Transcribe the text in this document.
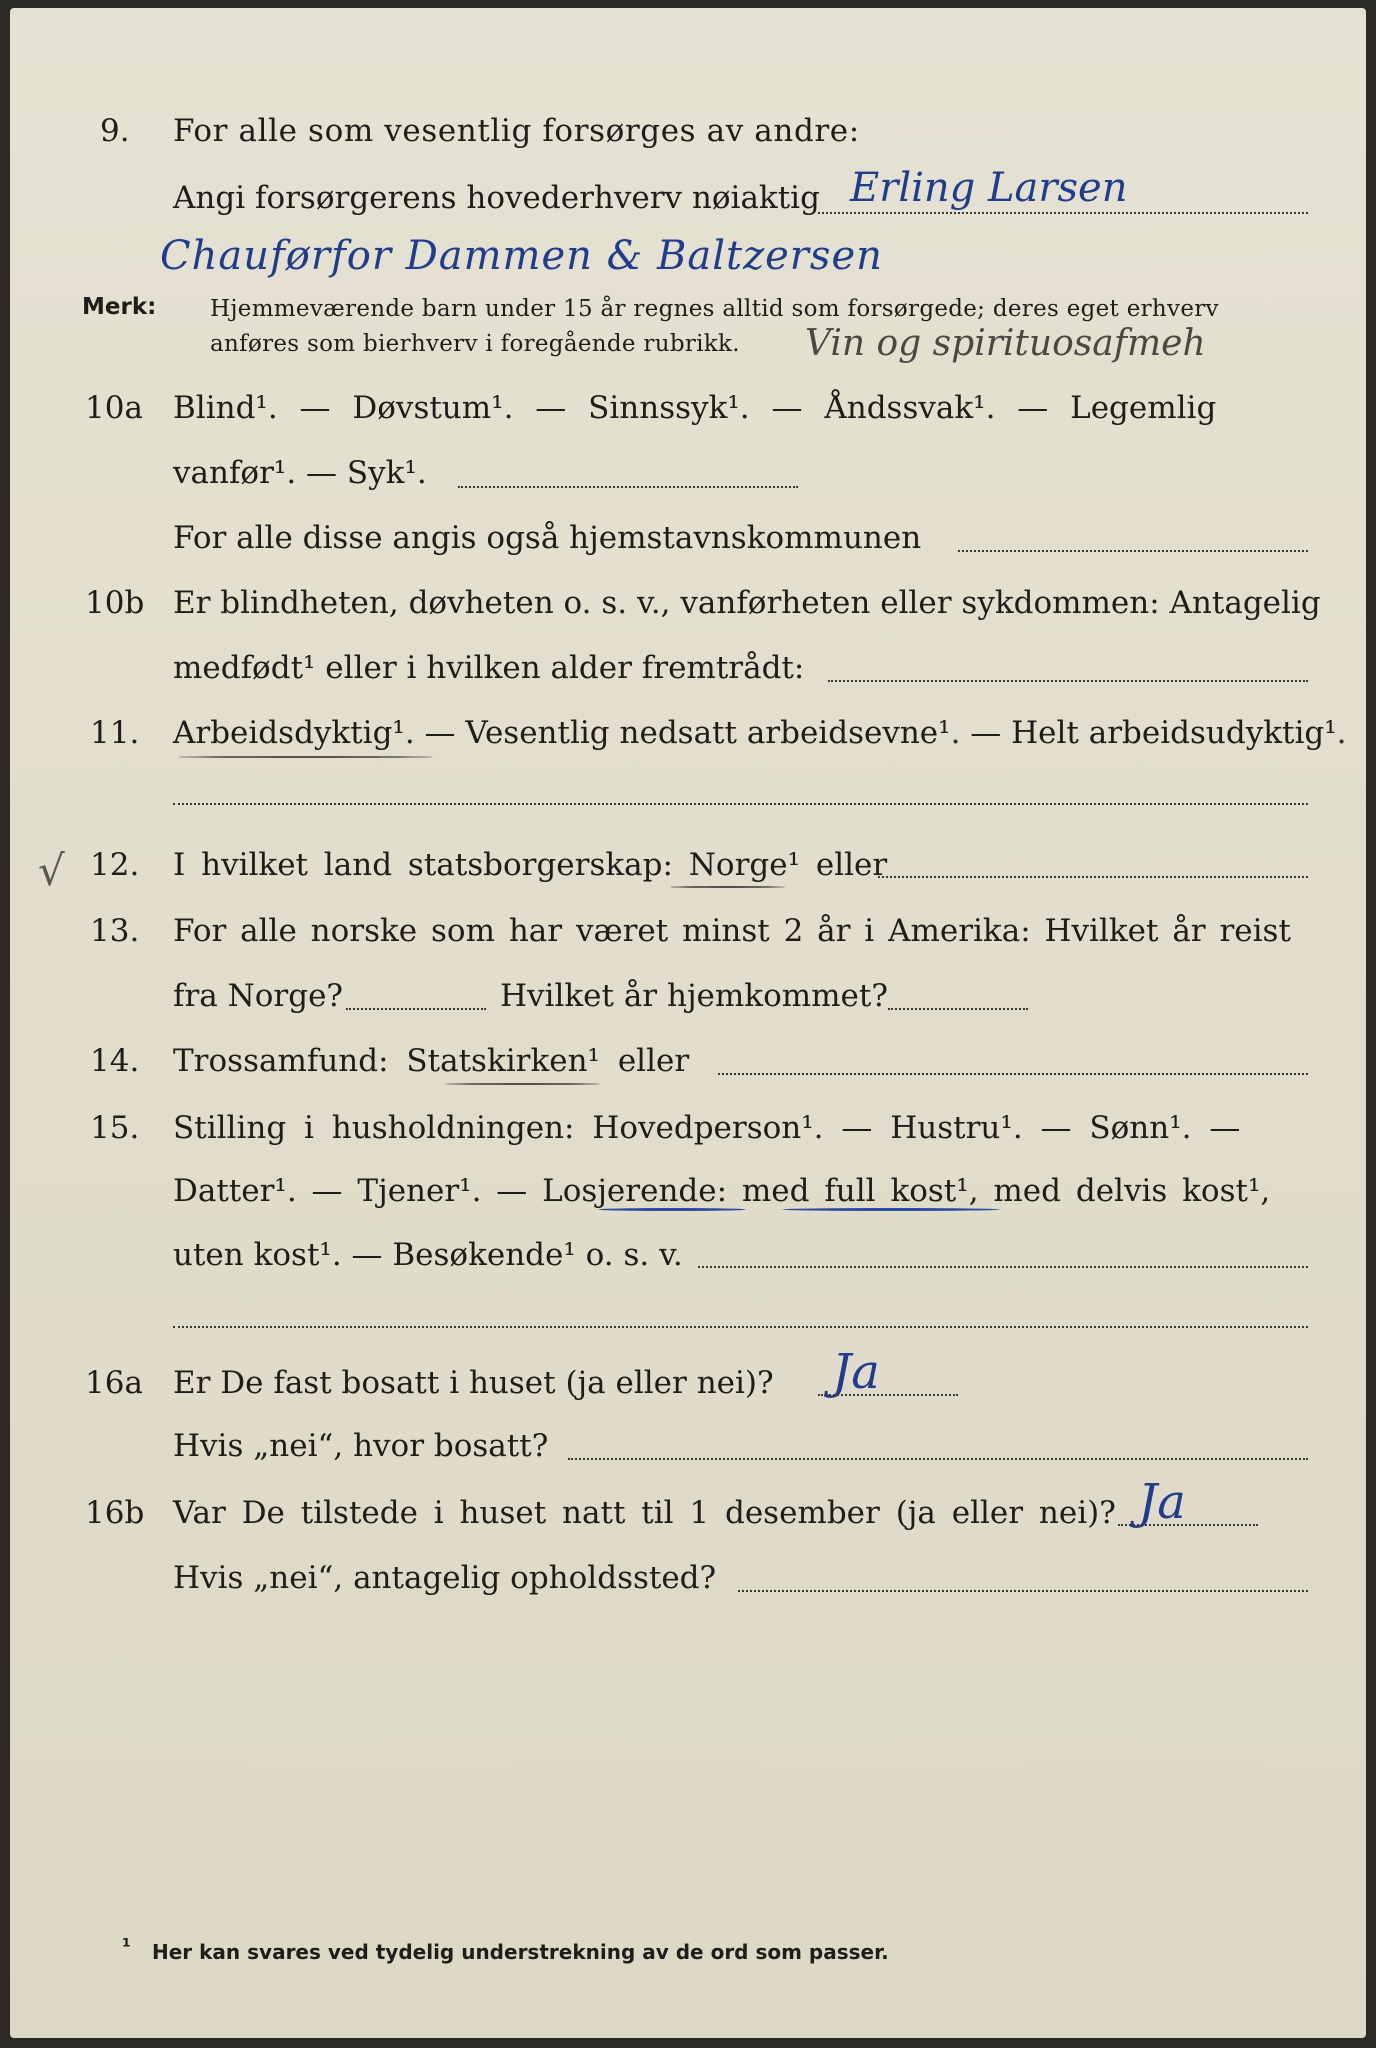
9. For alle som vesentlig forsørges av andre:
Angi forsørgerens hovederhverv nøiaktig Erling Larsen
Chauførfor Dammen & Baltzersen
Merk: Hjemmeværende barn under 15 år regnes alltid som forsørgede; deres eget erhverv
anføres som bierhverv i foregående rubrikk. Vin og spirituosafmeh
10a Blind¹. — Døvstum¹. — Sinnssyk¹. — Åndssvak¹. — Legemlig
vanfør¹. — Syk¹.
For alle disse angis også hjemstavnskommunen
10b Er blindheten, døvheten o. s. v., vanførheten eller sykdommen: Antagelig
medfødt¹ eller i hvilken alder fremtrådt:
11. Arbeidsdyktig¹. — Vesentlig nedsatt arbeidsevne¹. — Helt arbeidsudyktig¹.
√ 12. I hvilket land statsborgerskap: Norge¹ eller
13. For alle norske som har været minst 2 år i Amerika: Hvilket år reist
fra Norge?	Hvilket år hjemkommet?
14. Trossamfund: Statskirken¹ eller
15. Stilling i husholdningen: Hovedperson¹. — Hustru¹. — Sønn¹. —
Datter¹. — Tjener¹. — Losjerende: med full kost¹, med delvis kost¹,
uten kost¹. — Besøkende¹ o. s. v.
16a Er De fast bosatt i huset (ja eller nei)? Ja
Hvis „nei“, hvor bosatt?
16b Var De tilstede i huset natt til 1 desember (ja eller nei)? Ja
Hvis „nei“, antagelig opholdssted?
¹ Her kan svares ved tydelig understrekning av de ord som passer.
